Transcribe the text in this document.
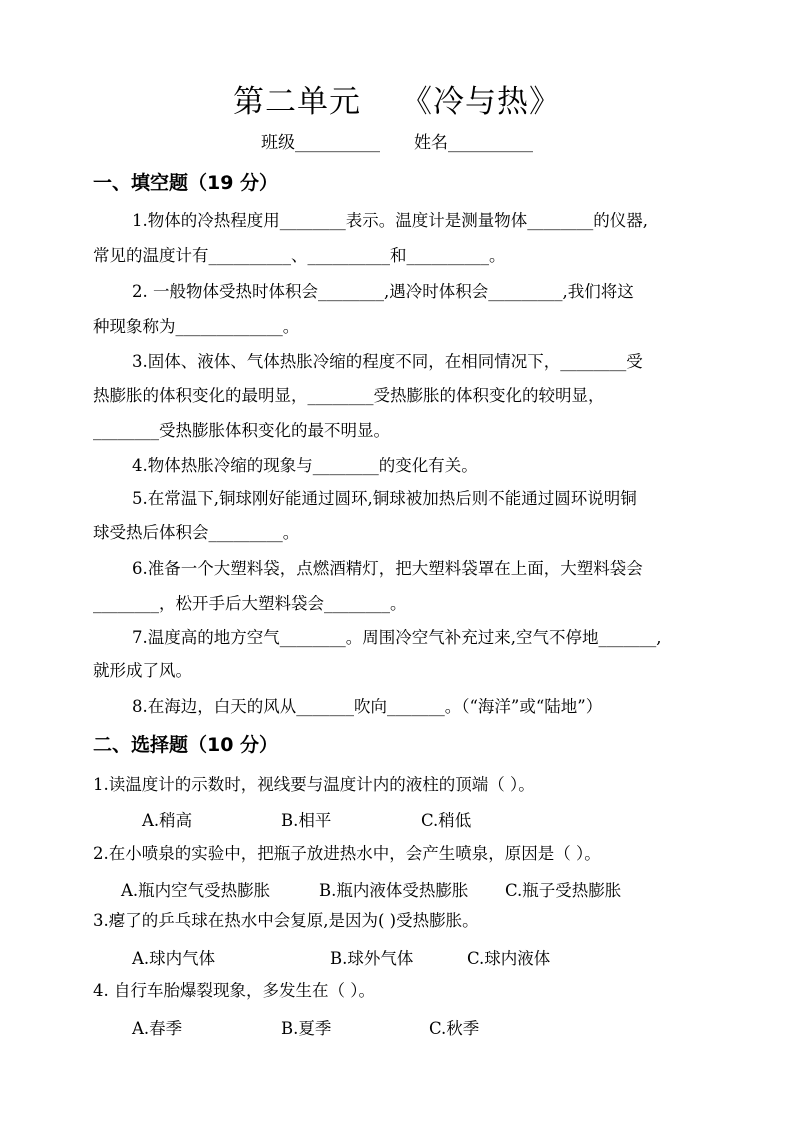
第二单元 《冷与热》
班级__________ 姓名__________
一、填空题（19 分）
1.物体的冷热程度用________表示。温度计是测量物体________的仪器,
常见的温度计有__________、__________和__________。
2. 一般物体受热时体积会________,遇冷时体积会_________,我们将这
种现象称为_____________。
3.固体、液体、气体热胀冷缩的程度不同，在相同情况下，________受
热膨胀的体积变化的最明显，________受热膨胀的体积变化的较明显，
________受热膨胀体积变化的最不明显。
4.物体热胀冷缩的现象与________的变化有关。
5.在常温下,铜球刚好能通过圆环,铜球被加热后则不能通过圆环说明铜
球受热后体积会_________。
6.准备一个大塑料袋，点燃酒精灯，把大塑料袋罩在上面，大塑料袋会
________，松开手后大塑料袋会________。
7.温度高的地方空气________。周围冷空气补充过来,空气不停地_______,
就形成了风。
8.在海边，白天的风从_______吹向_______。（“海洋”或“陆地”）
二、选择题（10 分）
1.读温度计的示数时，视线要与温度计内的液柱的顶端（ ）。
A.稍高	B.相平	C.稍低
2.在小喷泉的实验中，把瓶子放进热水中，会产生喷泉，原因是（ ）。
A.瓶内空气受热膨胀	B.瓶内液体受热膨胀 C.瓶子受热膨胀
3.瘪了的乒乓球在热水中会复原,是因为( )受热膨胀。
A.球内气体	B.球外气体	C.球内液体
4. 自行车胎爆裂现象，多发生在（ ）。
A.春季	B.夏季	C.秋季
